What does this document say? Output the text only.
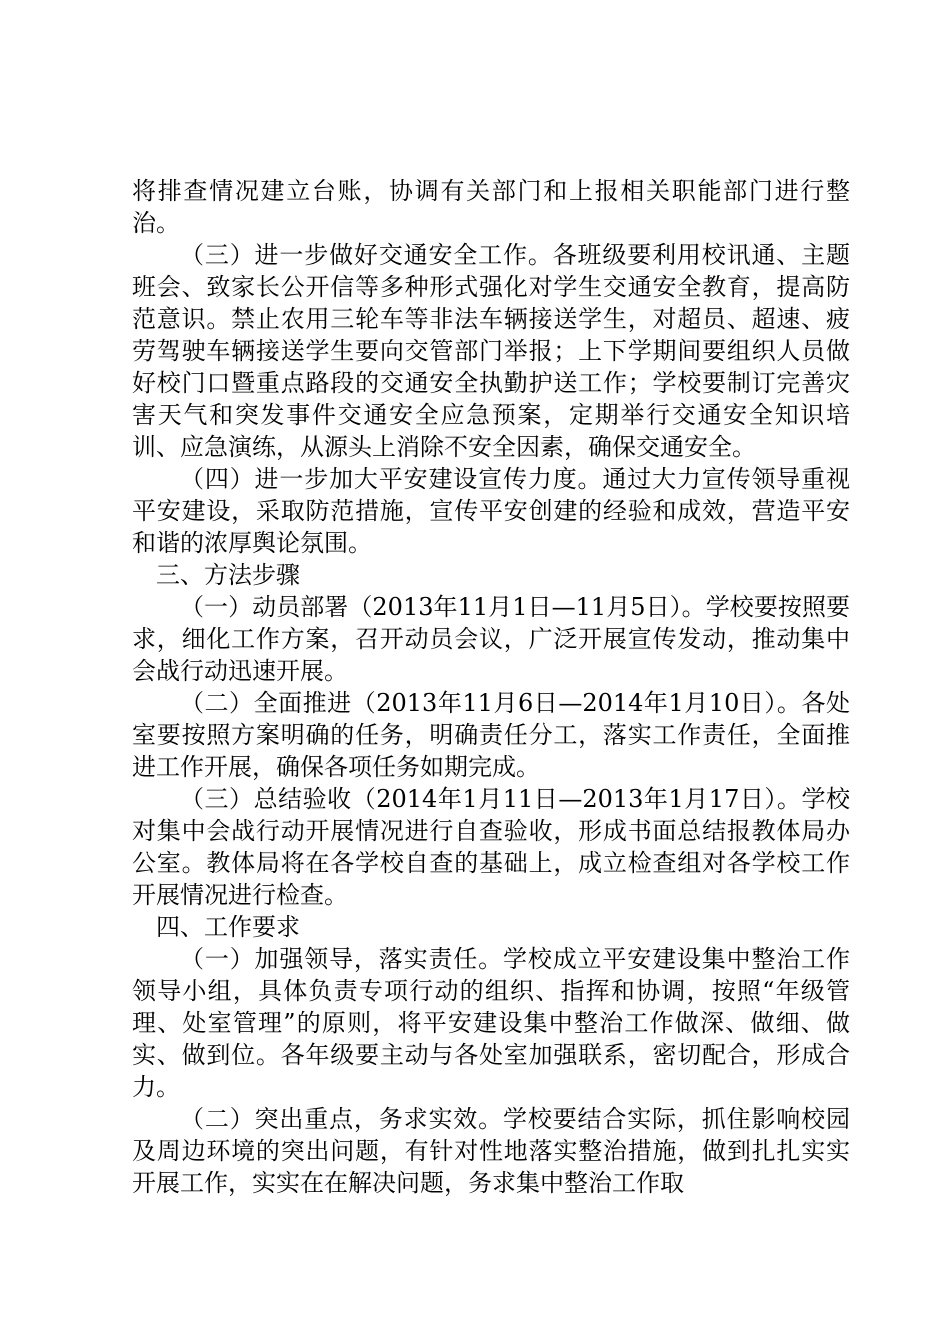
将排查情况建立台账，协调有关部门和上报相关职能部门进行整治。

（三）进一步做好交通安全工作。各班级要利用校讯通、主题班会、致家长公开信等多种形式强化对学生交通安全教育，提高防范意识。禁止农用三轮车等非法车辆接送学生，对超员、超速、疲劳驾驶车辆接送学生要向交管部门举报；上下学期间要组织人员做好校门口暨重点路段的交通安全执勤护送工作；学校要制订完善灾害天气和突发事件交通安全应急预案，定期举行交通安全知识培训、应急演练，从源头上消除不安全因素，确保交通安全。

（四）进一步加大平安建设宣传力度。通过大力宣传领导重视平安建设，采取防范措施，宣传平安创建的经验和成效，营造平安和谐的浓厚舆论氛围。

三、方法步骤

（一）动员部署（2013年11月1日—11月5日）。学校要按照要求，细化工作方案，召开动员会议，广泛开展宣传发动，推动集中会战行动迅速开展。

（二）全面推进（2013年11月6日—2014年1月10日）。各处室要按照方案明确的任务，明确责任分工，落实工作责任，全面推进工作开展，确保各项任务如期完成。

（三）总结验收（2014年1月11日—2013年1月17日）。学校对集中会战行动开展情况进行自查验收，形成书面总结报教体局办公室。教体局将在各学校自查的基础上，成立检查组对各学校工作开展情况进行检查。

四、工作要求

（一）加强领导，落实责任。学校成立平安建设集中整治工作领导小组，具体负责专项行动的组织、指挥和协调，按照“年级管理、处室管理”的原则，将平安建设集中整治工作做深、做细、做实、做到位。各年级要主动与各处室加强联系，密切配合，形成合力。

（二）突出重点，务求实效。学校要结合实际，抓住影响校园及周边环境的突出问题，有针对性地落实整治措施，做到扎扎实实开展工作，实实在在解决问题，务求集中整治工作取
